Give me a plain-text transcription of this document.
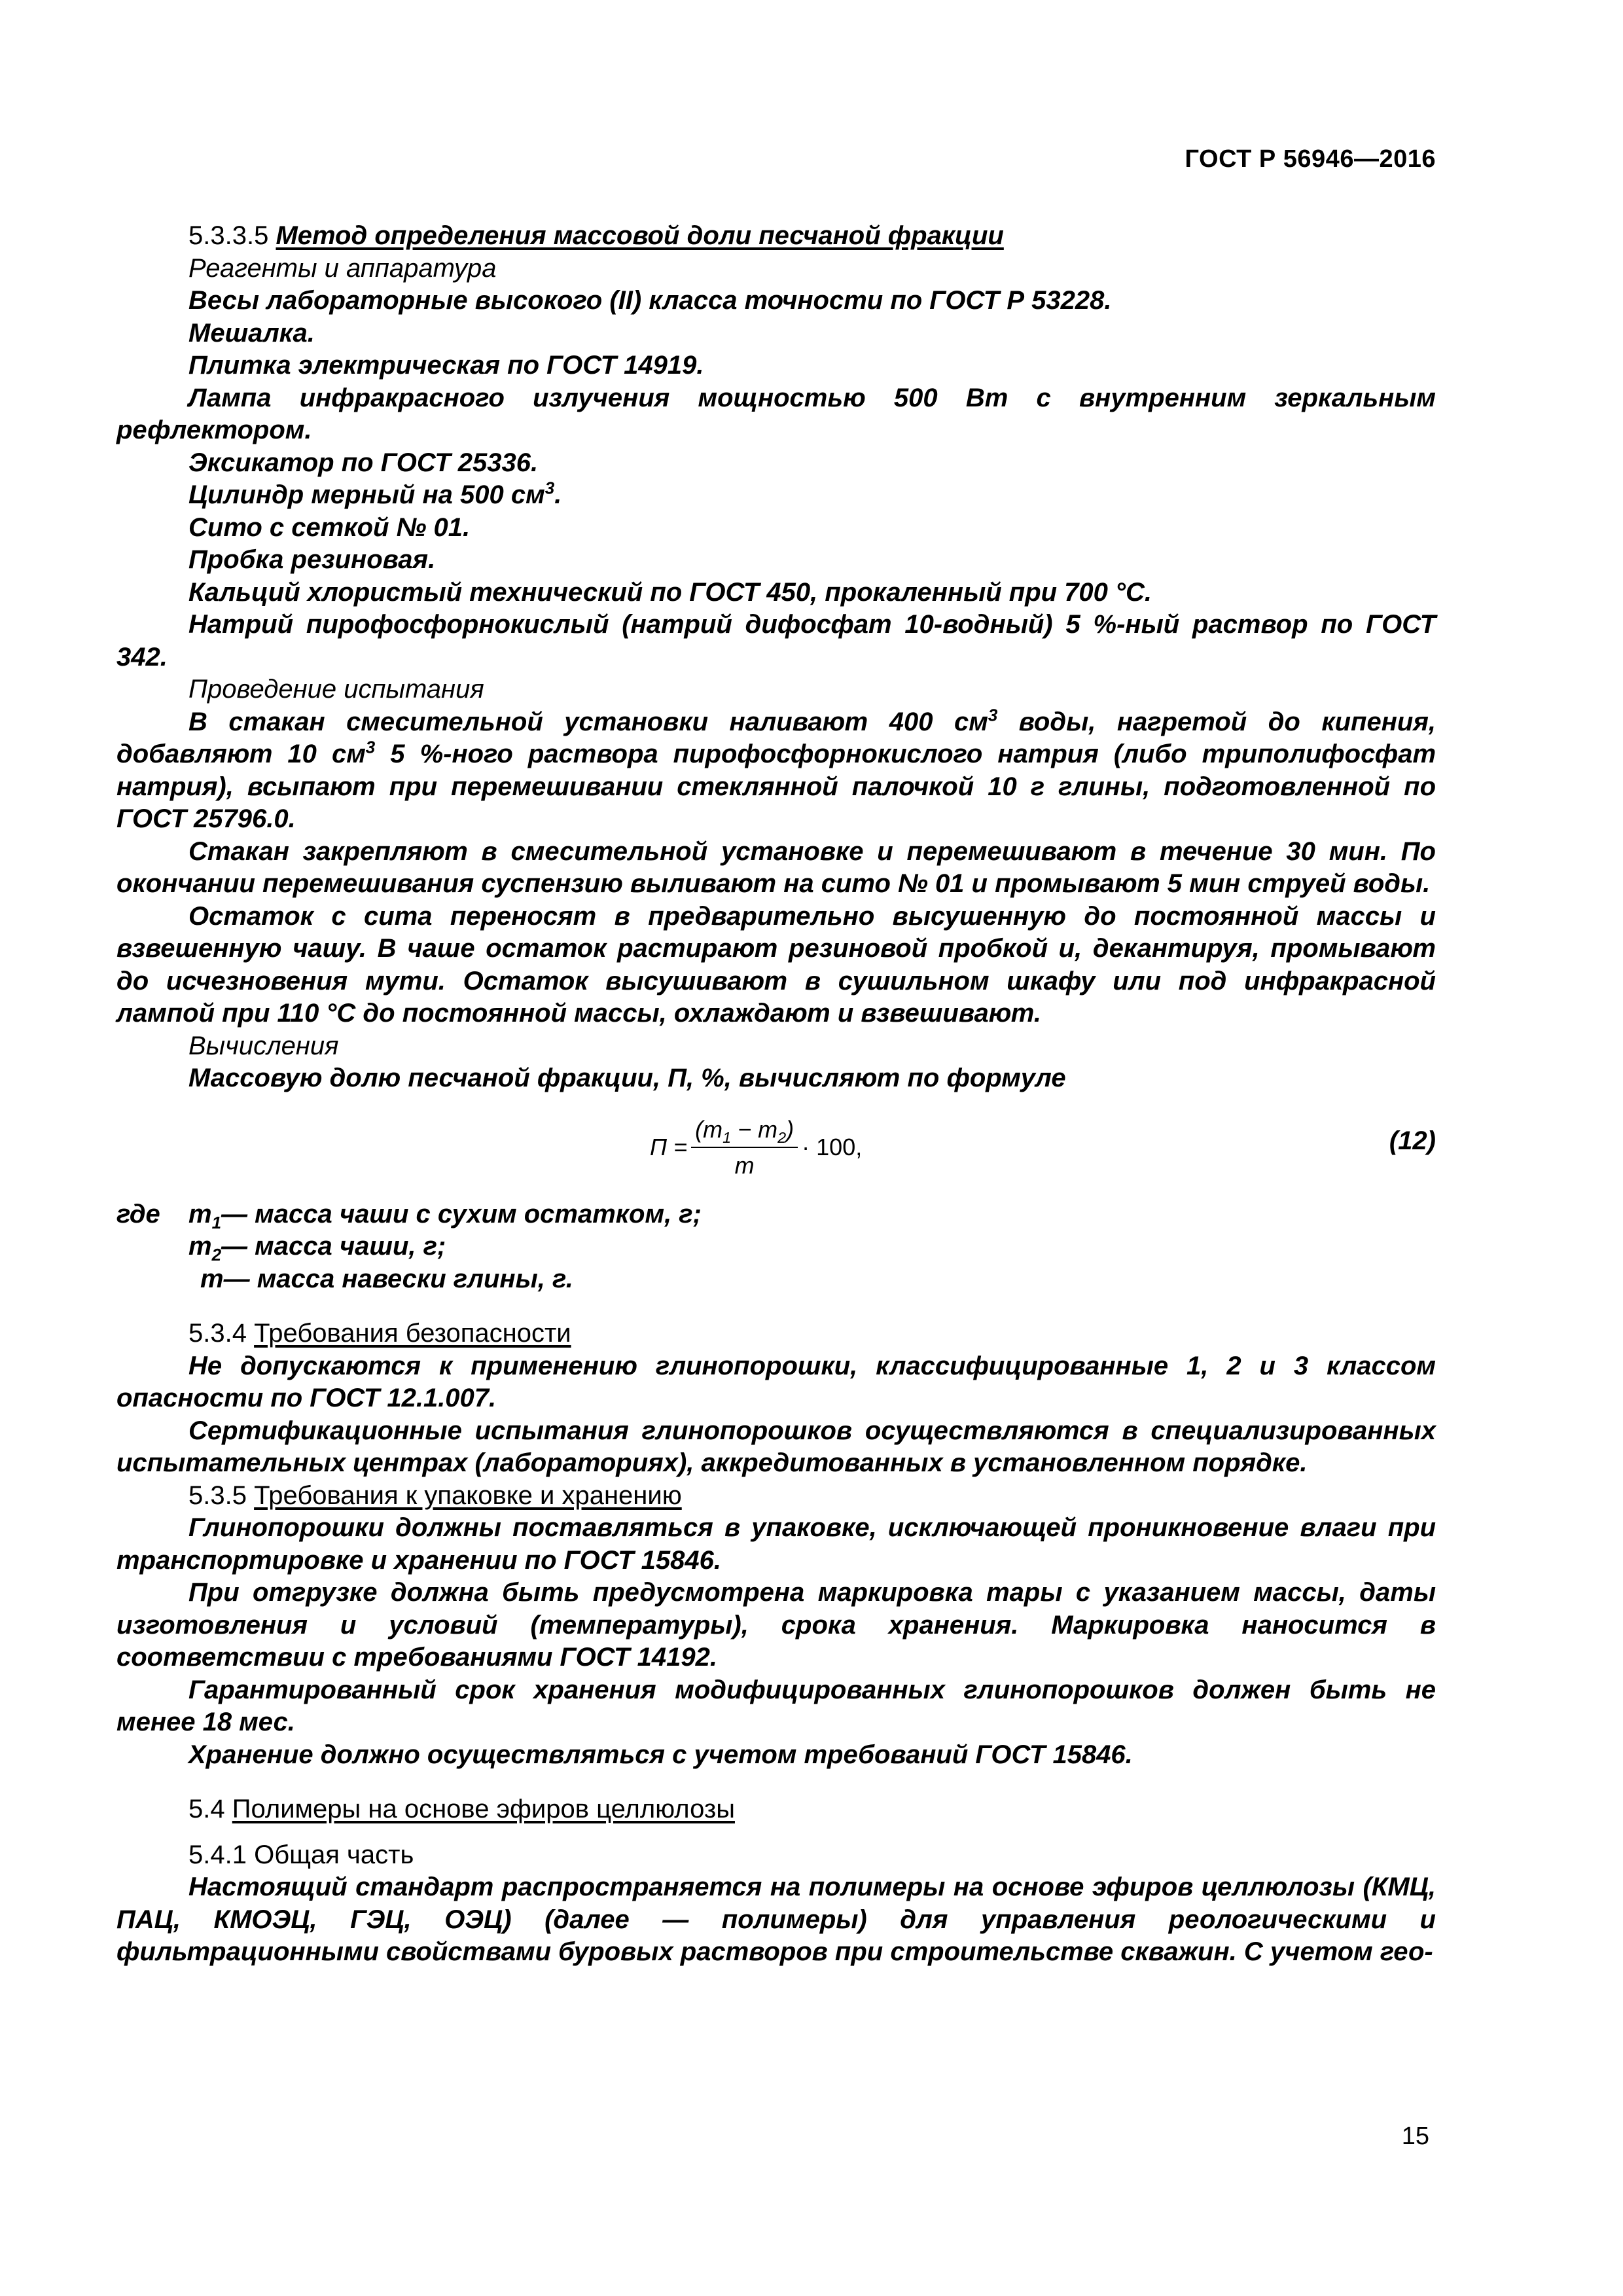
ГОСТ Р 56946—2016

5.3.3.5 Метод определения массовой доли песчаной фракции

Реагенты и аппаратура

Весы лабораторные высокого (II) класса точности по ГОСТ Р 53228.

Мешалка.

Плитка электрическая по ГОСТ 14919.

Лампа инфракрасного излучения мощностью 500 Вт с внутренним зеркальным рефлектором.

Эксикатор по ГОСТ 25336.

Цилиндр мерный на 500 $см^3$.

Сито с сеткой № 01.

Пробка резиновая.

Кальций хлористый технический по ГОСТ 450, прокаленный при 700 °С.

Натрий пирофосфорнокислый (натрий дифосфат 10-водный) 5 %-ный раствор по ГОСТ 342.

Проведение испытания

В стакан смесительной установки наливают 400 $см^3$ воды, нагретой до кипения, добавляют 10 $см^3$ 5 %-ного раствора пирофосфорнокислого натрия (либо триполифосфат натрия), всыпают при перемешивании стеклянной палочкой 10 г глины, подготовленной по ГОСТ 25796.0.

Стакан закрепляют в смесительной установке и перемешивают в течение 30 мин. По окончании перемешивания суспензию выливают на сито № 01 и промывают 5 мин струей воды.

Остаток с сита переносят в предварительно высушенную до постоянной массы и взвешенную чашу. В чаше остаток растирают резиновой пробкой и, декантируя, промывают до исчезновения мути. Остаток высушивают в сушильном шкафу или под инфракрасной лампой при 110 °С до постоянной массы, охлаждают и взвешивают.

Вычисления

Массовую долю песчаной фракции, П, %, вычисляют по формуле

$П = \frac{(m_1 - m_2)}{m} \cdot 100$,	(12)
где	$m_1$ — масса чаши с сухим остатком, г;
$m_2$ — масса чаши, г;
m — масса навески глины, г.

5.3.4 Требования безопасности

Не допускаются к применению глинопорошки, классифицированные 1, 2 и 3 классом опасности по ГОСТ 12.1.007.

Сертификационные испытания глинопорошков осуществляются в специализированных испытательных центрах (лабораториях), аккредитованных в установленном порядке.

5.3.5 Требования к упаковке и хранению

Глинопорошки должны поставляться в упаковке, исключающей проникновение влаги при транспортировке и хранении по ГОСТ 15846.

При отгрузке должна быть предусмотрена маркировка тары с указанием массы, даты изготовления и условий (температуры), срока хранения. Маркировка наносится в соответствии с требованиями ГОСТ 14192.

Гарантированный срок хранения модифицированных глинопорошков должен быть не менее 18 мес.

Хранение должно осуществляться с учетом требований ГОСТ 15846.

5.4 Полимеры на основе эфиров целлюлозы

5.4.1 Общая часть

Настоящий стандарт распространяется на полимеры на основе эфиров целлюлозы (КМЦ, ПАЦ, КМОЭЦ, ГЭЦ, ОЭЦ) (далее — полимеры) для управления реологическими и фильтрационными свойствами буровых растворов при строительстве скважин. С учетом гео-

15
